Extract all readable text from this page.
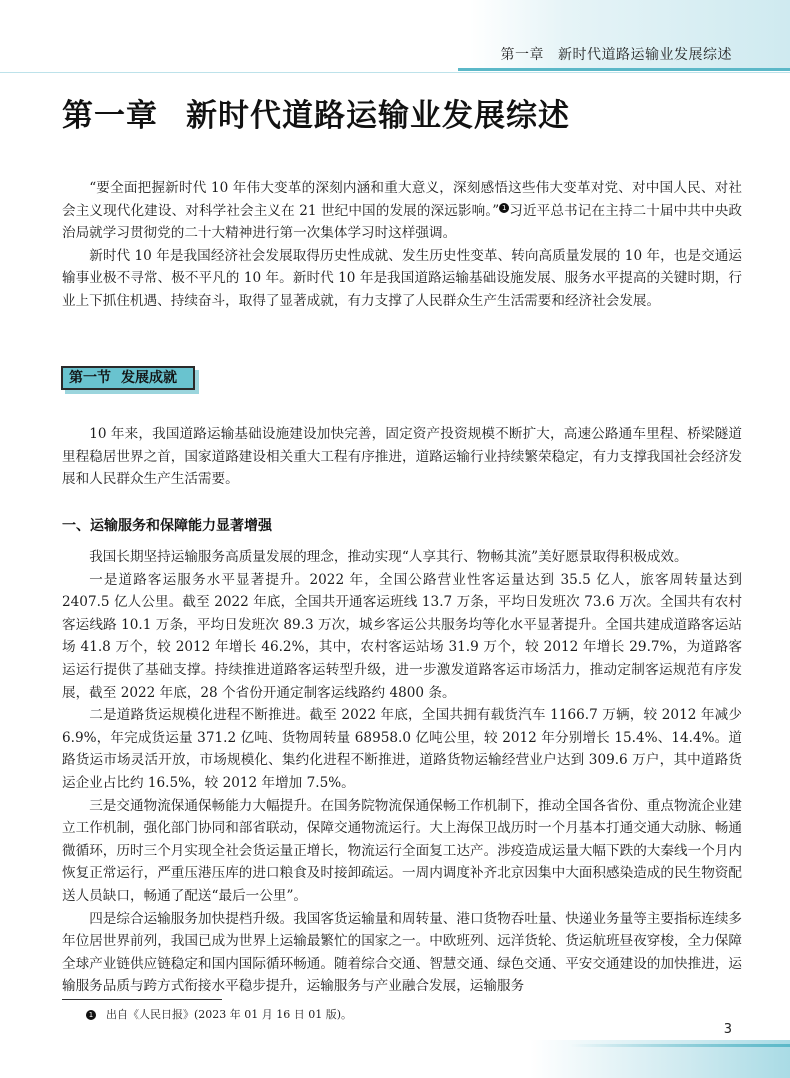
第一章 新时代道路运输业发展综述
第一章 新时代道路运输业发展综述

“要全面把握新时代 10 年伟大变革的深刻内涵和重大意义，深刻感悟这些伟大变革对党、对中国人民、对社会主义现代化建设、对科学社会主义在 21 世纪中国的发展的深远影响。” 1 习近平总书记在主持二十届中共中央政治局就学习贯彻党的二十大精神进行第一次集体学习时这样强调。

新时代 10 年是我国经济社会发展取得历史性成就、发生历史性变革、转向高质量发展的 10 年，也是交通运输事业极不寻常、极不平凡的 10 年。新时代 10 年是我国道路运输基础设施发展、服务水平提高的关键时期，行业上下抓住机遇、持续奋斗，取得了显著成就，有力支撑了人民群众生产生活需要和经济社会发展。

第一节 发展成就

10 年来，我国道路运输基础设施建设加快完善，固定资产投资规模不断扩大，高速公路通车里程、桥梁隧道里程稳居世界之首，国家道路建设相关重大工程有序推进，道路运输行业持续繁荣稳定，有力支撑我国社会经济发展和人民群众生产生活需要。

一、运输服务和保障能力显著增强

我国长期坚持运输服务高质量发展的理念，推动实现“人享其行、物畅其流”美好愿景取得积极成效。

一是道路客运服务水平显著提升。2022 年，全国公路营业性客运量达到 35.5 亿人，旅客周转量达到 2407.5 亿人公里。截至 2022 年底，全国共开通客运班线 13.7 万条，平均日发班次 73.6 万次。全国共有农村客运线路 10.1 万条，平均日发班次 89.3 万次，城乡客运公共服务均等化水平显著提升。全国共建成道路客运站场 41.8 万个，较 2012 年增长 46.2%，其中，农村客运站场 31.9 万个，较 2012 年增长 29.7%，为道路客运运行提供了基础支撑。持续推进道路客运转型升级，进一步激发道路客运市场活力，推动定制客运规范有序发展，截至 2022 年底，28 个省份开通定制客运线路约 4800 条。

二是道路货运规模化进程不断推进。截至 2022 年底，全国共拥有载货汽车 1166.7 万辆，较 2012 年减少 6.9%，年完成货运量 371.2 亿吨、货物周转量 68958.0 亿吨公里，较 2012 年分别增长 15.4%、14.4%。道路货运市场灵活开放，市场规模化、集约化进程不断推进，道路货物运输经营业户达到 309.6 万户，其中道路货运企业占比约 16.5%，较 2012 年增加 7.5%。

三是交通物流保通保畅能力大幅提升。在国务院物流保通保畅工作机制下，推动全国各省份、重点物流企业建立工作机制，强化部门协同和部省联动，保障交通物流运行。大上海保卫战历时一个月基本打通交通大动脉、畅通微循环，历时三个月实现全社会货运量正增长，物流运行全面复工达产。涉疫造成运量大幅下跌的大秦线一个月内恢复正常运行，严重压港压库的进口粮食及时接卸疏运。一周内调度补齐北京因集中大面积感染造成的民生物资配送人员缺口，畅通了配送“最后一公里”。

四是综合运输服务加快提档升级。我国客货运输量和周转量、港口货物吞吐量、快递业务量等主要指标连续多年位居世界前列，我国已成为世界上运输最繁忙的国家之一。中欧班列、远洋货轮、货运航班昼夜穿梭，全力保障全球产业链供应链稳定和国内国际循环畅通。随着综合交通、智慧交通、绿色交通、平安交通建设的加快推进，运输服务品质与跨方式衔接水平稳步提升，运输服务与产业融合发展，运输服务

1 出自《人民日报》(2023 年 01 月 16 日 01 版)。
3
